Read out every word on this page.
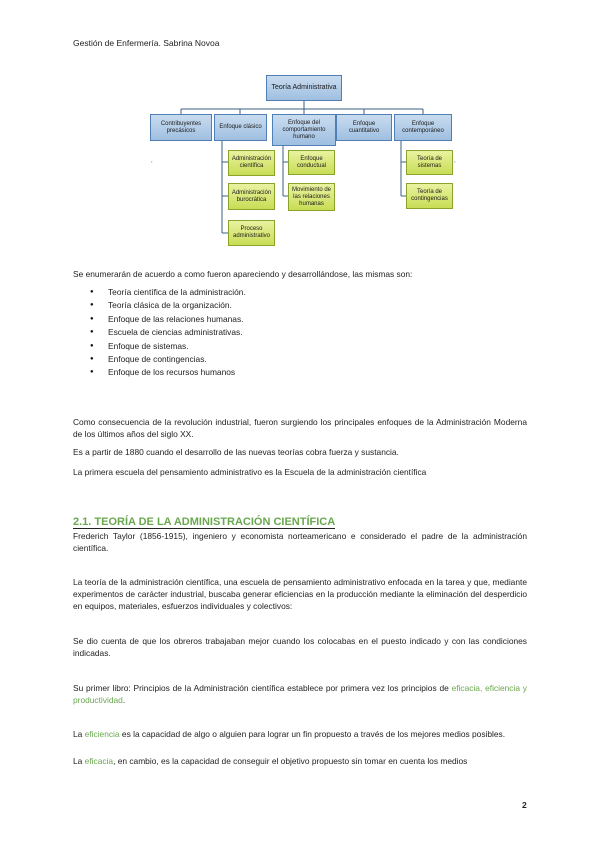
Gestión de Enfermería. Sabrina Novoa
,	,
Teoría Administrativa
Contribuyentes precásicos
Enfoque clásico
Enfoque del comportamiento humano
Enfoque cuantitativo
Enfoque contemporáneo
Administración científica
Administración burocrática
Proceso administrativo
Enfoque conductual
Movimiento de las relaciones humanas
Teoría de sistemas
Teoría de contingencias
Se enumerarán de acuerdo a como fueron apareciendo y desarrollándose, las mismas son:
● Teoría científica de la administración.
● Teoría clásica de la organización.
● Enfoque de las relaciones humanas.
● Escuela de ciencias administrativas.
● Enfoque de sistemas.
● Enfoque de contingencias.
● Enfoque de los recursos humanos
Como consecuencia de la revolución industrial, fueron surgiendo los principales enfoques de la Administración Moderna de los últimos años del siglo XX.
Es a partir de 1880 cuando el desarrollo de las nuevas teorías cobra fuerza y sustancia.
La primera escuela del pensamiento administrativo es la Escuela de la administración científica
2.1. TEORÍA DE LA ADMINISTRACIÓN CIENTÍFICA
Frederich Taylor (1856-1915), ingeniero y economista norteamericano e considerado el padre de la administración científica.
La teoría de la administración científica, una escuela de pensamiento administrativo enfocada en la tarea y que, mediante experimentos de carácter industrial, buscaba generar eficiencias en la producción mediante la eliminación del desperdicio en equipos, materiales, esfuerzos individuales y colectivos:
Se dio cuenta de que los obreros trabajaban mejor cuando los colocabas en el puesto indicado y con las condiciones indicadas.
Su primer libro: Principios de la Administración científica establece por primera vez los principios de eficacia, eficiencia y productividad.
La eficiencia es la capacidad de algo o alguien para lograr un fin propuesto a través de los mejores medios posibles.
La eficacia, en cambio, es la capacidad de conseguir el objetivo propuesto sin tomar en cuenta los medios
2
